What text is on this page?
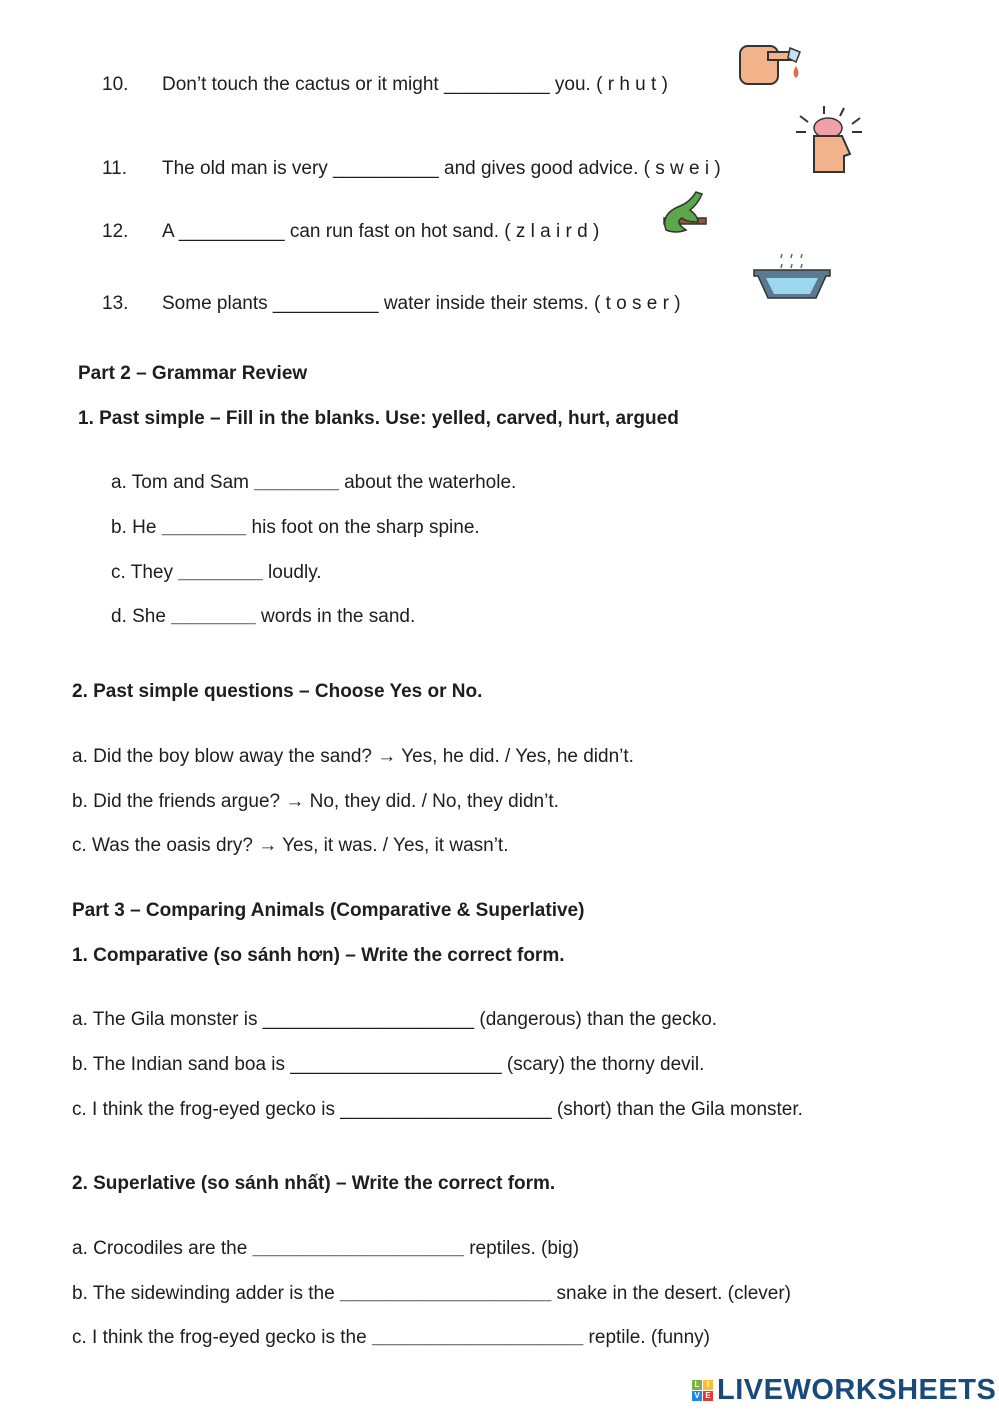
10. Don’t touch the cactus or it might __________ you. ( r h u t )
11. The old man is very __________ and gives good advice. ( s w e i )
12. A __________ can run fast on hot sand. ( z l a i r d )
13. Some plants __________ water inside their stems. ( t o s e r )
Part 2 – Grammar Review
1. Past simple – Fill in the blanks. Use: yelled, carved, hurt, argued
a. Tom and Sam ________ about the waterhole.
b. He ________ his foot on the sharp spine.
c. They ________ loudly.
d. She ________ words in the sand.
2. Past simple questions – Choose Yes or No.
a. Did the boy blow away the sand? → Yes, he did. / Yes, he didn’t.
b. Did the friends argue? → No, they did. / No, they didn’t.
c. Was the oasis dry? → Yes, it was. / Yes, it wasn’t.
Part 3 – Comparing Animals (Comparative & Superlative)
1. Comparative (so sánh hơn) – Write the correct form.
a. The Gila monster is ____________________ (dangerous) than the gecko.
b. The Indian sand boa is ____________________ (scary) the thorny devil.
c. I think the frog-eyed gecko is ____________________ (short) than the Gila monster.
2. Superlative (so sánh nhất) – Write the correct form.
a. Crocodiles are the ____________________ reptiles. (big)
b. The sidewinding adder is the ____________________ snake in the desert. (clever)
c. I think the frog-eyed gecko is the ____________________ reptile. (funny)
L I
V E LIVEWORKSHEETS
